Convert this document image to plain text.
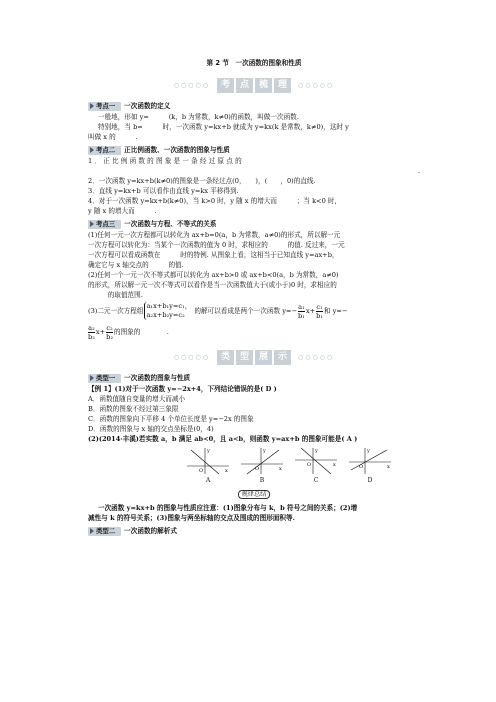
第 2 节　一次函数的图象和性质
○○○○○	考	点	梳	理	○○○○○
考点一 一次函数的定义

一般地，形如 y=　　　(k，b 为常数，k≠0)的函数，叫做一次函数.

特别地，当 b=　　　时，一次函数 y=kx+b 就成为 y=kx(k 是常数，k≠0)，这时 y

叫做 x 的　　　.

考点二 正比例函数、一次函数的图象与性质

1．正比例函数的图象是一条经过原点的

.

2．一次函数 y=kx+b(k≠0)的图象是一条经过点(0，　　)，(　　，0)的直线.

3．直线 y=kx+b 可以看作由直线 y=kx 平移得到.

4．对于一次函数 y=kx+b(k≠0)，当 k>0 时，y 随 x 的增大而　　　；当 k<0 时，

y 随 x 的增大而　　　.

考点三 一次函数与方程、不等式的关系

(1)任何一元一次方程都可以转化为 ax+b=0(a，b 为常数，a≠0)的形式，所以解一元

一次方程可以转化为：当某个一次函数的值为 0 时，求相应的　　　的值. 反过来，一元

一次方程可以看成函数在　　　时的特例. 从图象上看，这相当于已知直线 y=ax+b，

确定它与 x 轴交点的　　　的值.

(2)任何一个一元一次不等式都可以转化为 ax+b>0 或 ax+b<0(a，b 为常数，a≠0)

的形式，所以解一元一次不等式可以看作是当一次函数值大于(或小于)0 时，求相应的

　　　的取值范围.

(3)二元一次方程组
a₁x+b₁y=c₁，
a₂x+b₂y=c₂	的解可以看成是两个一次函数 $y=- \frac{\text{a₁}}{\text{b₁}} x+ \frac{\text{c₁}}{\text{b₁}}$ 和 y=−
a₂
b₂
$x+ \frac{\text{c₂}}{\text{b₂}}$ 的图象的　　　　.
○○○○○	类	型	展	示	○○○○○
类型一 一次函数的图象与性质

【例 1】(1)对于一次函数 y=−2x+4，下列结论错误的是( D )

A．函数值随自变量的增大而减小

B．函数的图象不经过第三象限

C．函数的图象向下平移 4 个单位长度是 y=−2x 的图象

D．函数的图象与 x 轴的交点坐标是(0，4)

(2)(2014·丰溪)若实数 a，b 满足 ab<0，且 a<b，则函数 y=ax+b 的图象可能是( A )

y
x
O
A
y
x
O
B
y
x
O
C
y
x
O
D
规律总结

一次函数 y=kx+b 的图象与性质应注意：(1)图象分布与 k，b 符号之间的关系；(2)增

减性与 k 的符号关系；(3)图象与两坐标轴的交点及围成的图形面积等.

类型二 一次函数的解析式
